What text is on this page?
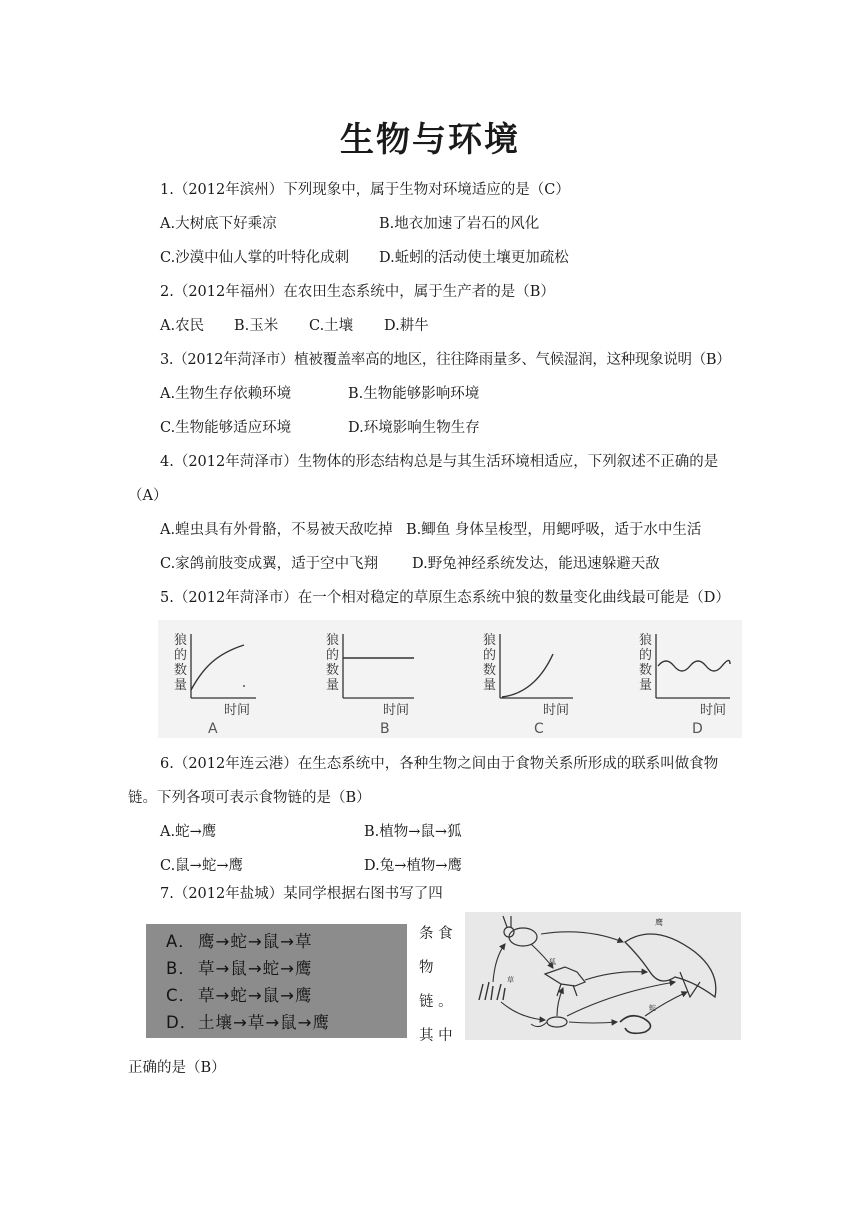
生物与环境
1.（2012年滨州）下列现象中，属于生物对环境适应的是（C）
A.大树底下好乘凉	B.地衣加速了岩石的风化
C.沙漠中仙人掌的叶特化成刺 D.蚯蚓的活动使土壤更加疏松
2.（2012年福州）在农田生态系统中，属于生产者的是（B）
A.农民 B.玉米 C.土壤 D.耕牛
3.（2012年菏泽市）植被覆盖率高的地区，往往降雨量多、气候湿润，这种现象说明（B）
A.生物生存依赖环境	B.生物能够影响环境
C.生物能够适应环境	D.环境影响生物生存
4.（2012年菏泽市）生物体的形态结构总是与其生活环境相适应，下列叙述不正确的是
（A）
A.蝗虫具有外骨骼，不易被天敌吃掉 B.鲫鱼 身体呈梭型，用鳃呼吸，适于水中生活
C.家鸽前肢变成翼，适于空中飞翔 D.野兔神经系统发达，能迅速躲避天敌
5.（2012年菏泽市）在一个相对稳定的草原生态系统中狼的数量变化曲线最可能是（D）
狼
的
数
量
时间
A
狼
的
数
量
时间
B
狼
的
数
量
时间
C
狼
的
数
量
时间
D
6.（2012年连云港）在生态系统中，各种生物之间由于食物关系所形成的联系叫做食物
链。下列各项可表示食物链的是（B）
A.蛇→鹰	B.植物→鼠→狐
C.鼠→蛇→鹰	D.兔→植物→鹰
7.（2012年盐城）某同学根据右图书写了四
A． 鹰→蛇→鼠→草
B． 草→鼠→蛇→鹰
C． 草→蛇→鼠→鹰
D．土壤→草→鼠→鹰
条 食
物
链 。
其 中
鹰
狐
草
蛇
正确的是（B）
